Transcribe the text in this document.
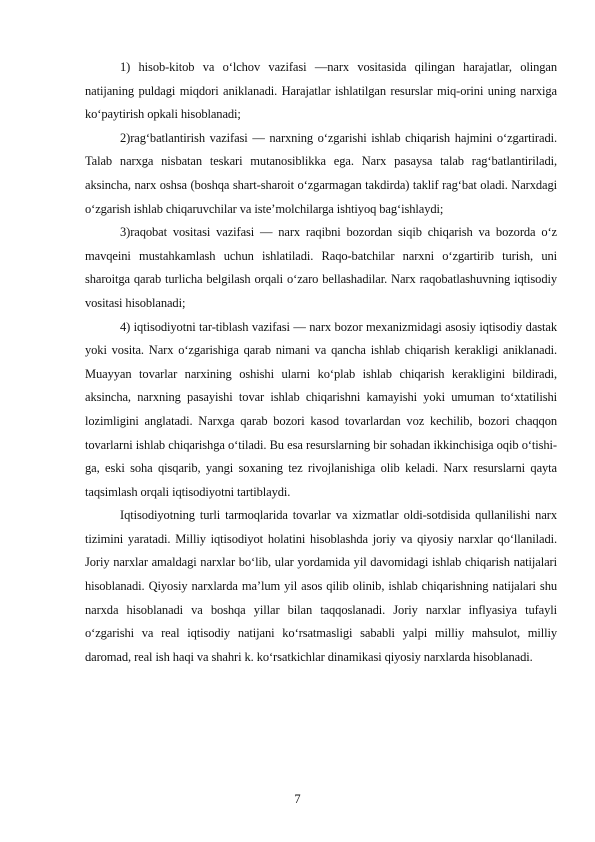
1) hisob-kitob va o‘lchov vazifasi —narx vositasida qilingan harajatlar, olingan natijaning puldagi miqdori aniklanadi. Harajatlar ishlatilgan resurslar miq-orini uning narxiga ko‘paytirish opkali hisoblanadi;

2)rag‘batlantirish vazifasi — narxning o‘zgarishi ishlab chiqarish hajmini o‘zgartiradi. Talab narxga nisbatan teskari mutanosiblikka ega. Narx pasaysa talab rag‘batlantiriladi, aksincha, narx oshsa (boshqa shart-sharoit o‘zgarmagan takdirda) taklif rag‘bat oladi. Narxdagi o‘zgarish ishlab chiqaruvchilar va iste’molchilarga ishtiyoq bag‘ishlaydi;

3)raqobat vositasi vazifasi — narx raqibni bozordan siqib chiqarish va bozorda o‘z mavqeini mustahkamlash uchun ishlatiladi. Raqo-batchilar narxni o‘zgartirib turish, uni sharoitga qarab turlicha belgilash orqali o‘zaro bellashadilar. Narx raqobatlashuvning iqtisodiy vositasi hisoblanadi;

4) iqtisodiyotni tar-tiblash vazifasi — narx bozor mexanizmidagi asosiy iqtisodiy dastak yoki vosita. Narx o‘zgarishiga qarab nimani va qancha ishlab chiqarish kerakligi aniklanadi. Muayyan tovarlar narxining oshishi ularni ko‘plab ishlab chiqarish kerakligini bildiradi, aksincha, narxning pasayishi tovar ishlab chiqarishni kamayishi yoki umuman to‘xtatilishi lozimligini anglatadi. Narxga qarab bozori kasod tovarlardan voz kechilib, bozori chaqqon tovarlarni ishlab chiqarishga o‘tiladi. Bu esa resurslarning bir sohadan ikkinchisiga oqib o‘tishi-ga, eski soha qisqarib, yangi soxaning tez rivojlanishiga olib keladi. Narx resurslarni qayta taqsimlash orqali iqtisodiyotni tartiblaydi.

Iqtisodiyotning turli tarmoqlarida tovarlar va xizmatlar oldi-sotdisida qullanilishi narx tizimini yaratadi. Milliy iqtisodiyot holatini hisoblashda joriy va qiyosiy narxlar qo‘llaniladi. Joriy narxlar amaldagi narxlar bo‘lib, ular yordamida yil davomidagi ishlab chiqarish natijalari hisoblanadi. Qiyosiy narxlarda ma’lum yil asos qilib olinib, ishlab chiqarishning natijalari shu narxda hisoblanadi va boshqa yillar bilan taqqoslanadi. Joriy narxlar inflyasiya tufayli o‘zgarishi va real iqtisodiy natijani ko‘rsatmasligi sababli yalpi milliy mahsulot, milliy daromad, real ish haqi va shahri k. ko‘rsatkichlar dinamikasi qiyosiy narxlarda hisoblanadi.

7
